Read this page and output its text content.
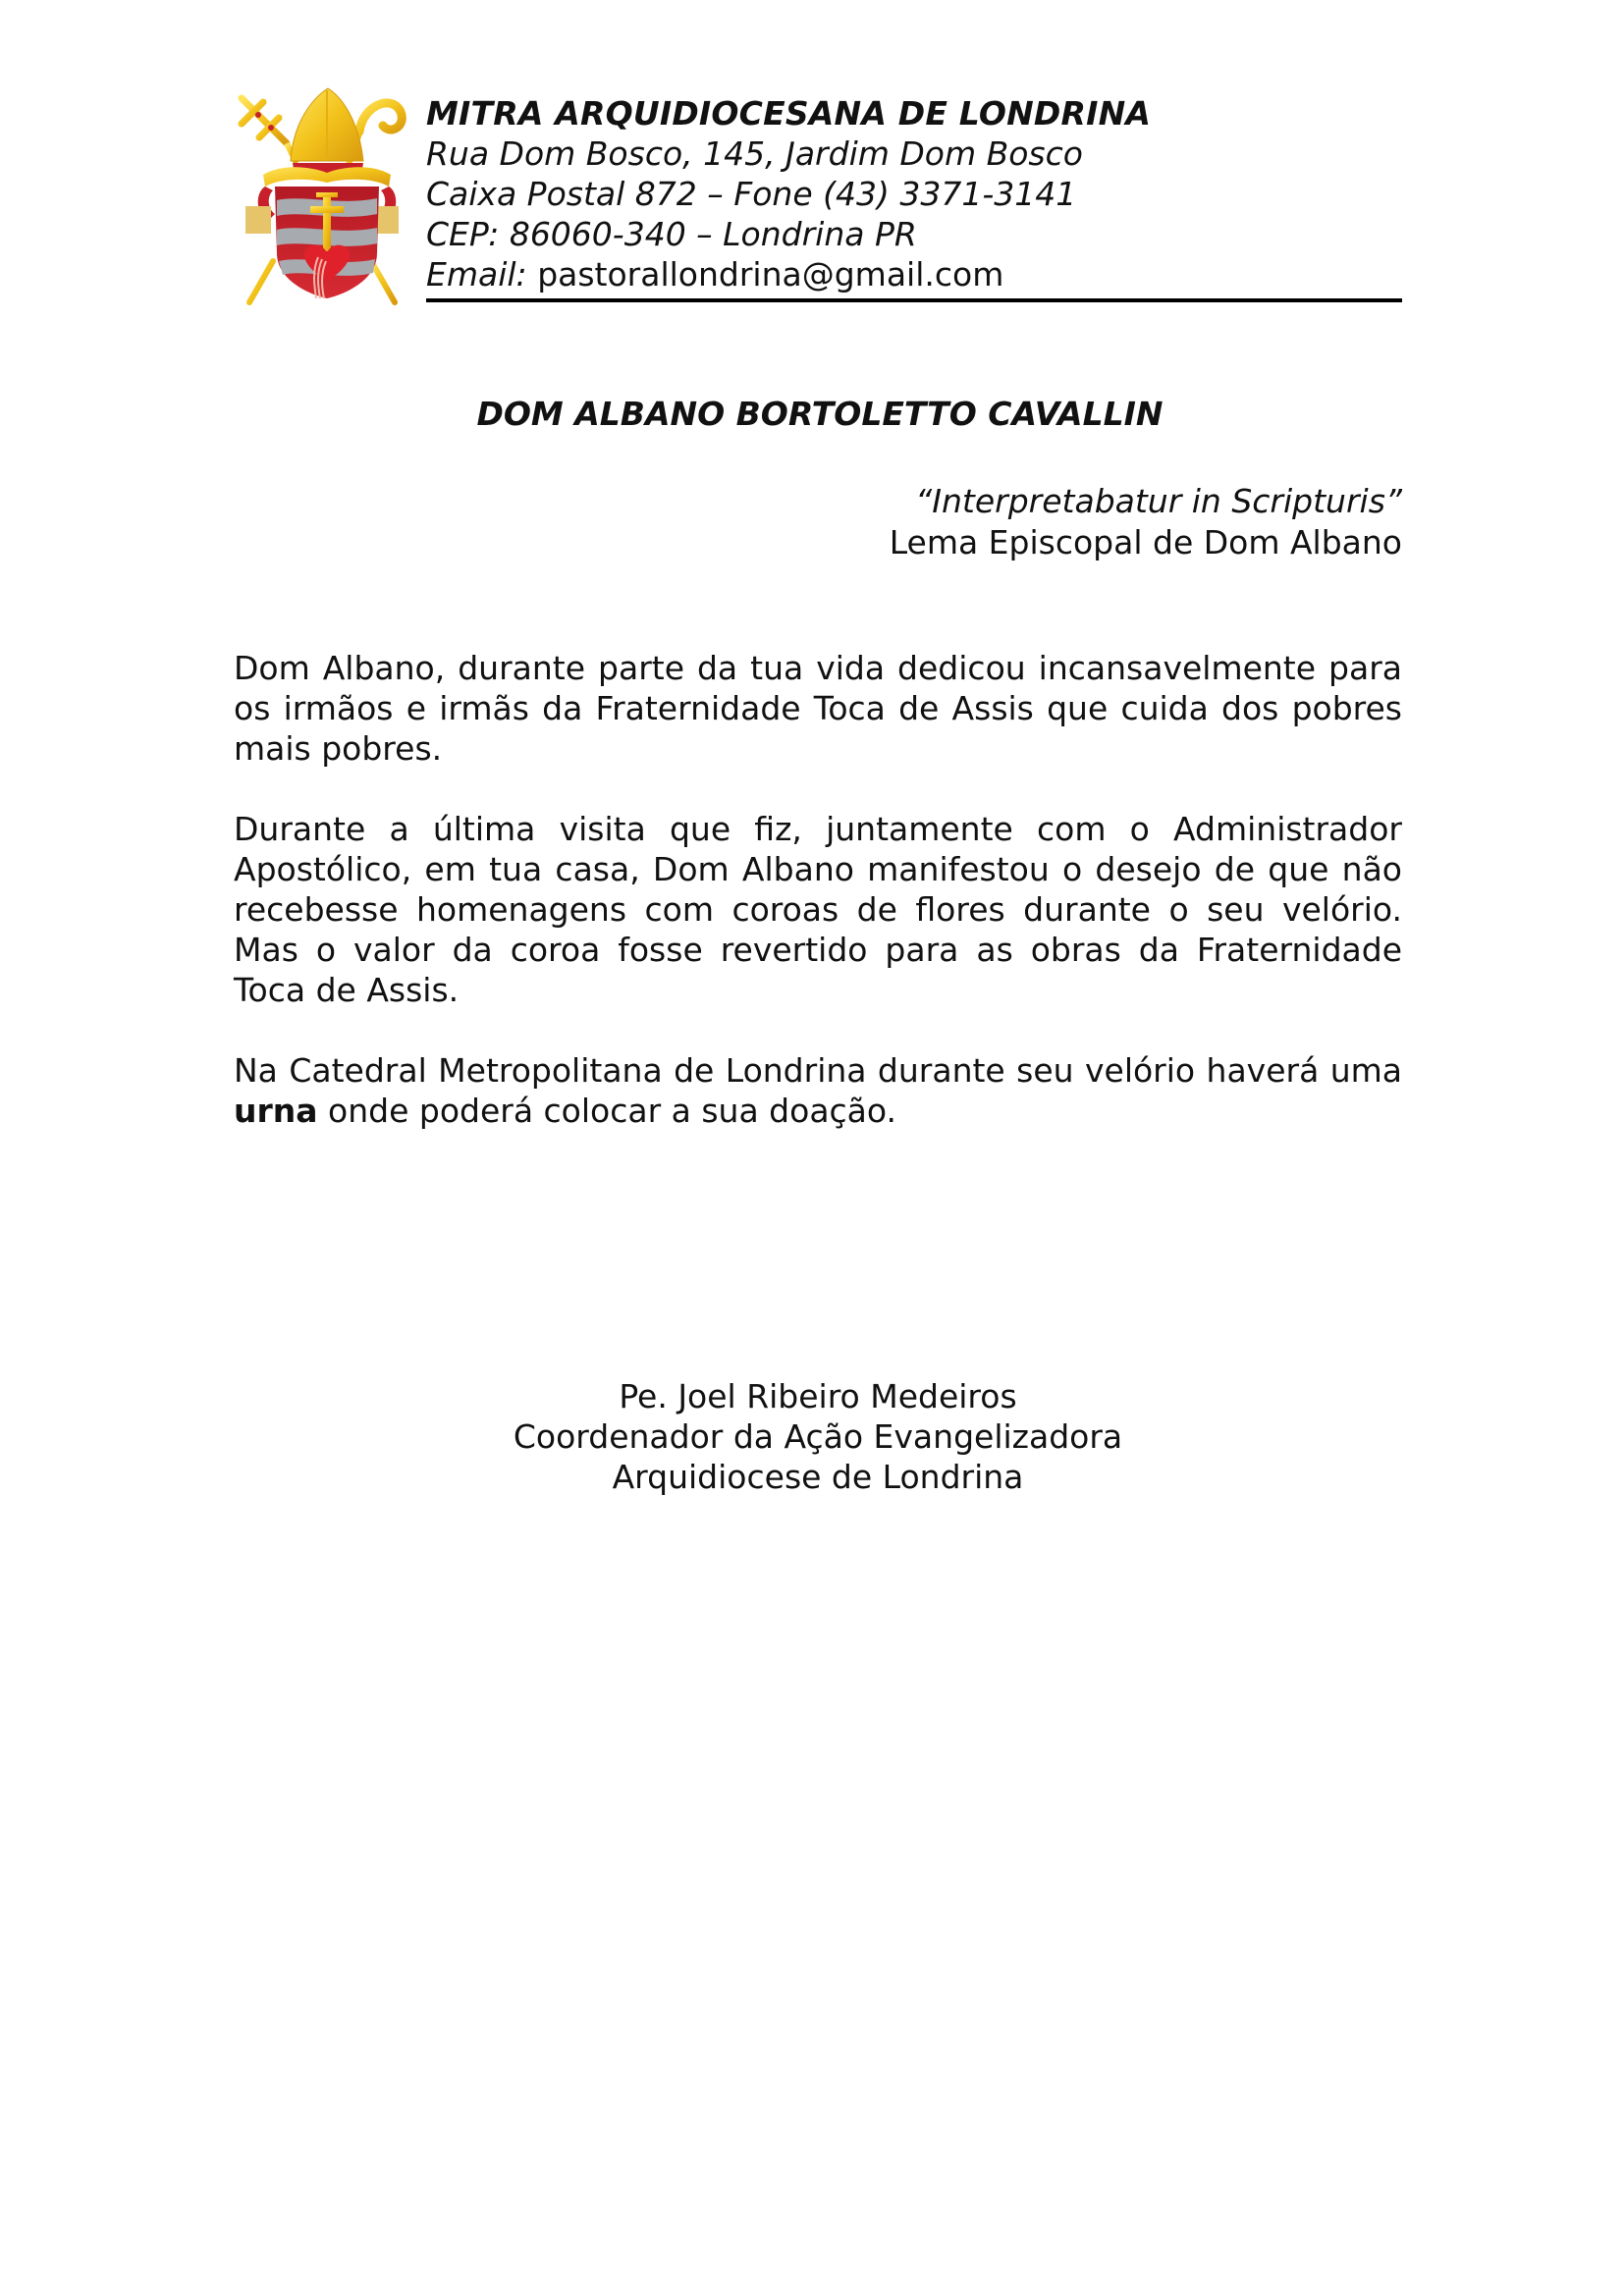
MITRA ARQUIDIOCESANA DE LONDRINA
Rua Dom Bosco, 145, Jardim Dom Bosco
Caixa Postal 872 – Fone (43) 3371-3141
CEP: 86060-340 – Londrina PR
Email: pastorallondrina@gmail.com
DOM ALBANO BORTOLETTO CAVALLIN
“Interpretabatur in Scripturis”
Lema Episcopal de Dom Albano

Dom Albano, durante parte da tua vida dedicou incansavelmente para os irmãos e irmãs da Fraternidade Toca de Assis que cuida dos pobres mais pobres.

Durante a última visita que fiz, juntamente com o Administrador Apostólico, em tua casa, Dom Albano manifestou o desejo de que não recebesse homenagens com coroas de flores durante o seu velório. Mas o valor da coroa fosse revertido para as obras da Fraternidade Toca de Assis.

Na Catedral Metropolitana de Londrina durante seu velório haverá uma urna onde poderá colocar a sua doação.

Pe. Joel Ribeiro Medeiros
Coordenador da Ação Evangelizadora
Arquidiocese de Londrina
